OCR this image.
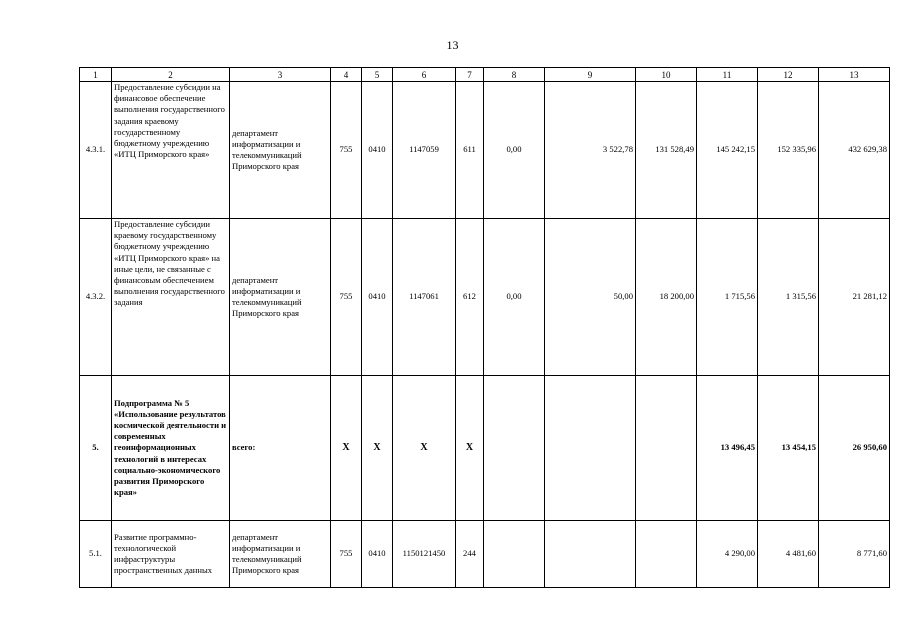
13
1	2	3	4	5	6	7	8	9	10	11	12	13
4.3.1.	Предоставление субсидии на финансовое обеспечение выполнения государственного задания краевому государственному бюджетному учреждению «ИТЦ Приморского края»	департамент информатизации и телекоммуникаций Приморского края	755	0410	1147059	611	0,00	3 522,78	131 528,49	145 242,15	152 335,96	432 629,38
4.3.2.	Предоставление субсидии краевому государственному бюджетному учреждению «ИТЦ Приморского края» на иные цели, не связанные с финансовым обеспечением выполнения государственного задания	департамент информатизации и телекоммуникаций Приморского края	755	0410	1147061	612	0,00	50,00	18 200,00	1 715,56	1 315,56	21 281,12
5.	Подпрограмма № 5 «Использование результатов космической деятельности и современных геоинформационных технологий в интересах социально-экономического развития Приморского края»	всего:	X	X	X	X				13 496,45	13 454,15	26 950,60
5.1.	Развитие программно-технологической инфраструктуры пространственных данных	департамент информатизации и телекоммуникаций Приморского края	755	0410	1150121450	244				4 290,00	4 481,60	8 771,60
